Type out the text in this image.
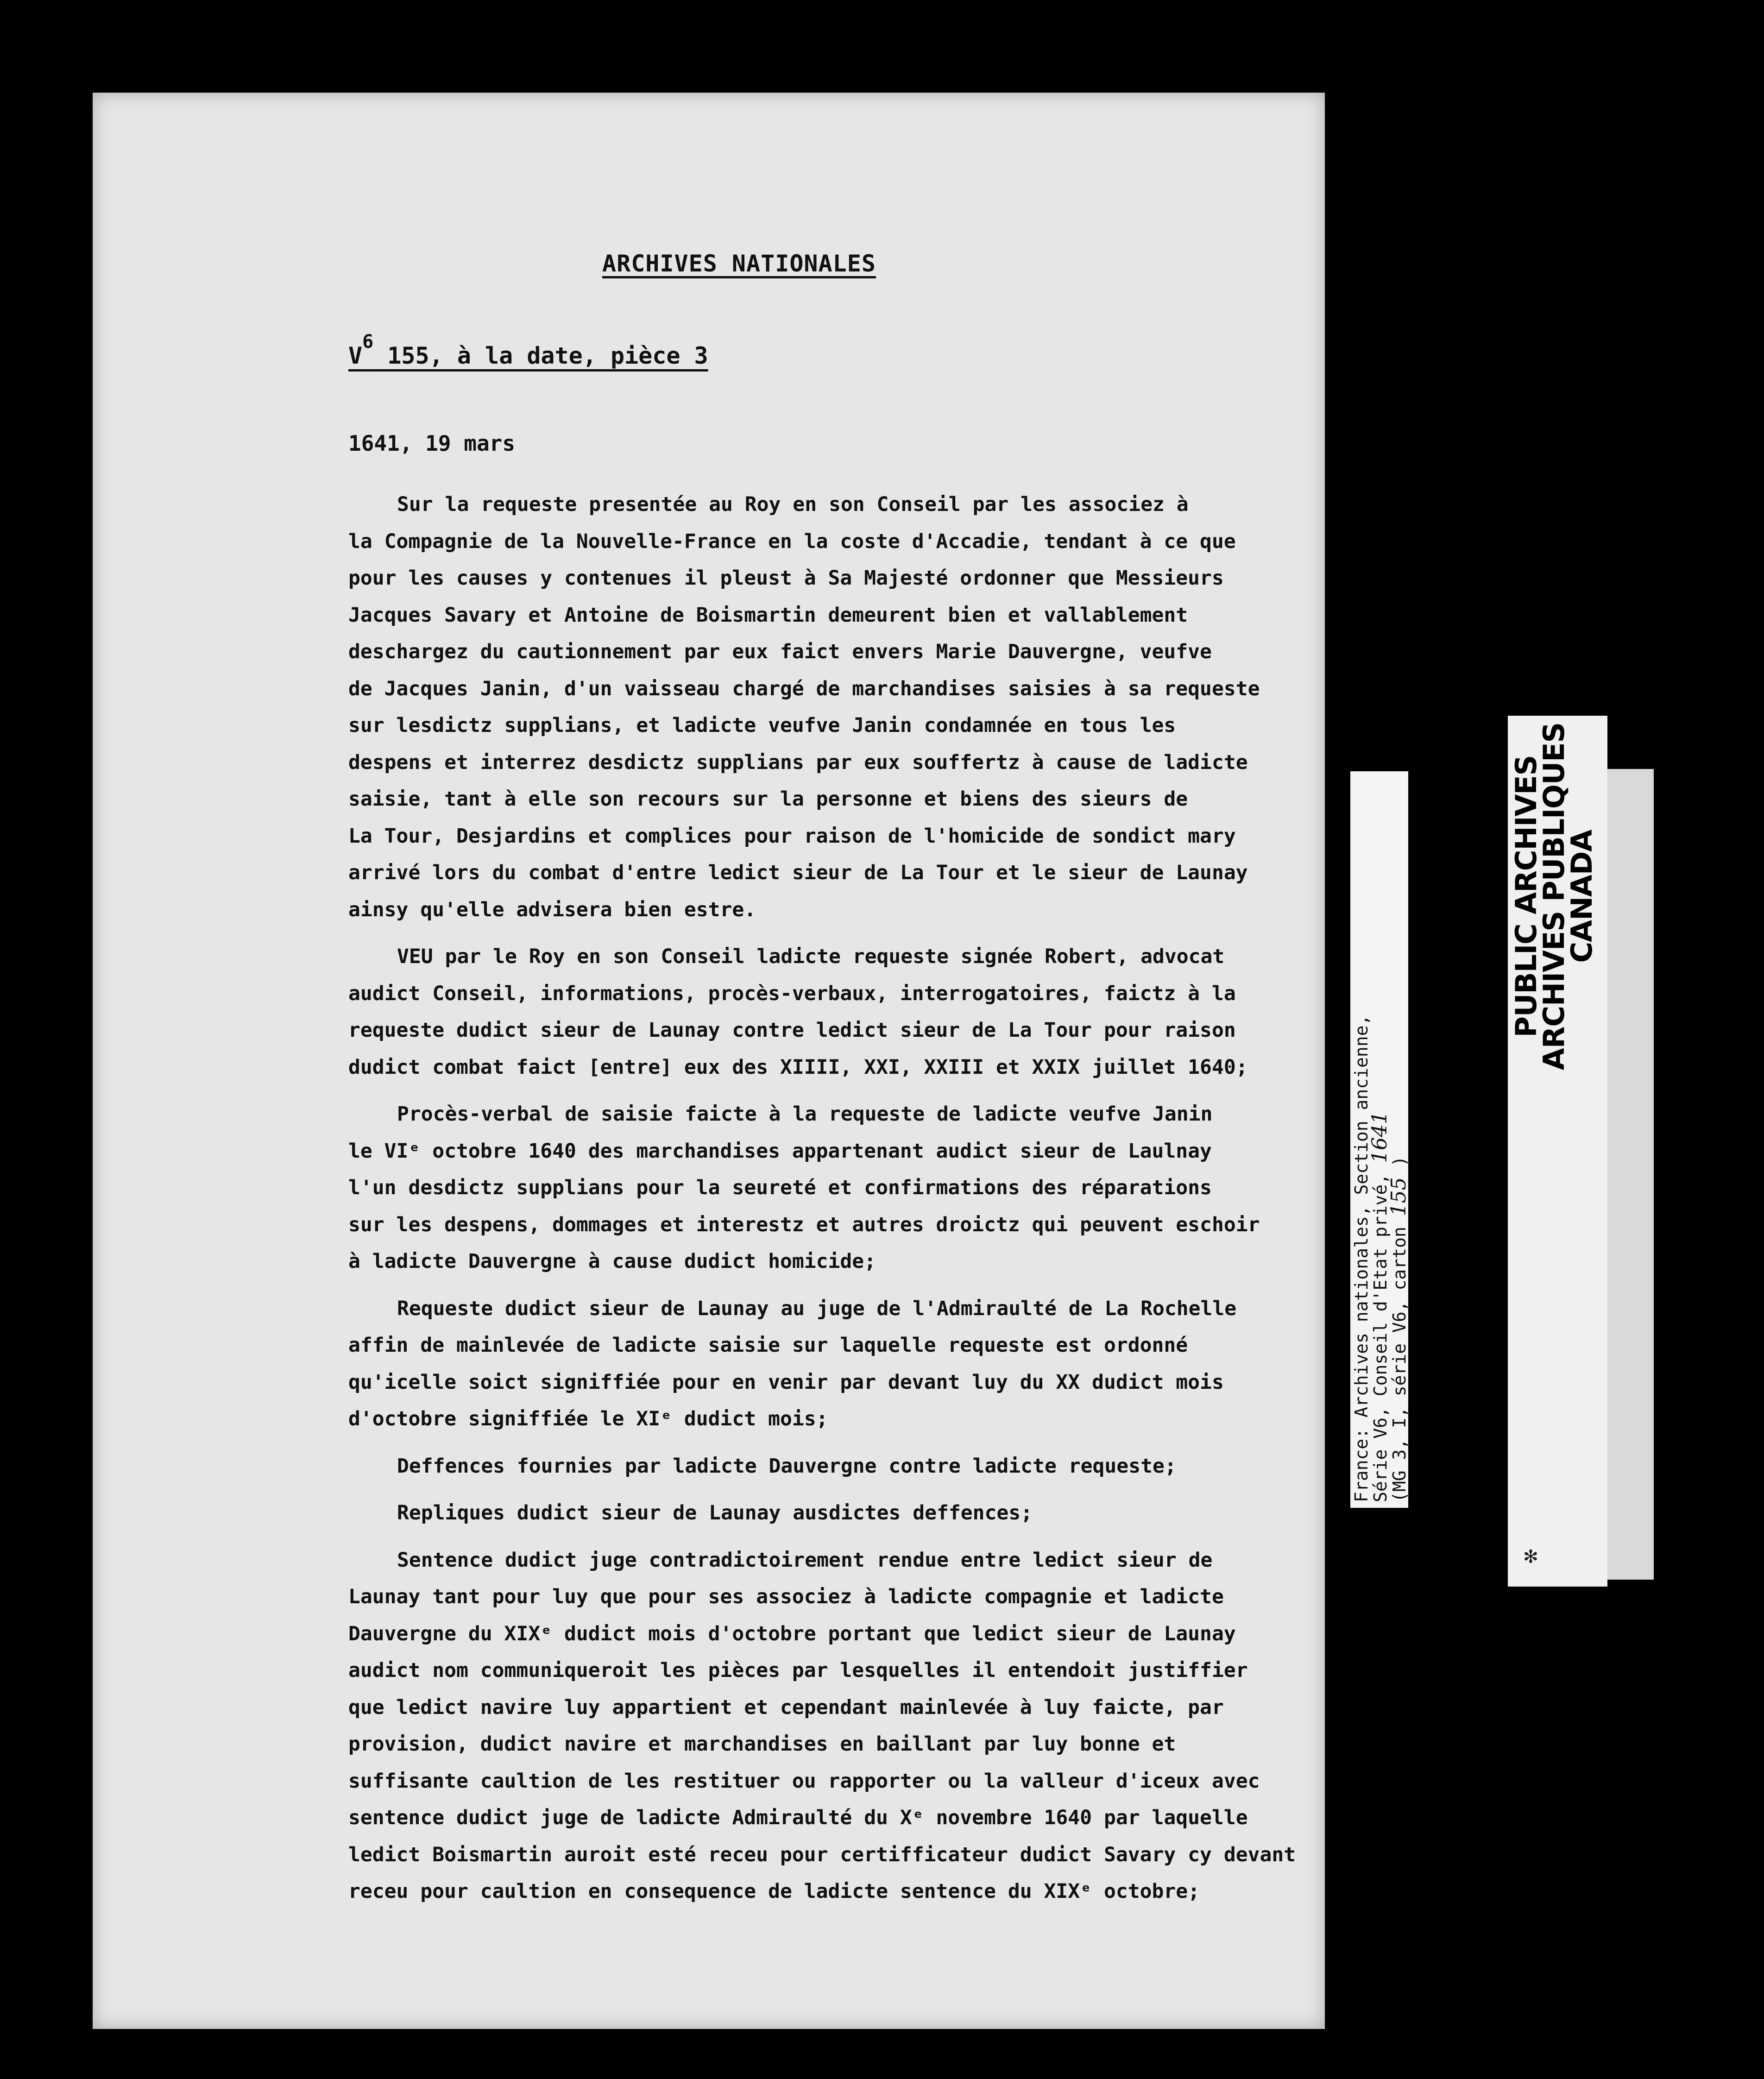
ARCHIVES NATIONALES
$V^6$ 155, à la date, pièce 3
1641, 19 mars
Sur la requeste presentée au Roy en son Conseil par les associez à
la Compagnie de la Nouvelle-France en la coste d'Accadie, tendant à ce que
pour les causes y contenues il pleust à Sa Majesté ordonner que Messieurs
Jacques Savary et Antoine de Boismartin demeurent bien et vallablement
deschargez du cautionnement par eux faict envers Marie Dauvergne, veufve
de Jacques Janin, d'un vaisseau chargé de marchandises saisies à sa requeste
sur lesdictz supplians, et ladicte veufve Janin condamnée en tous les
despens et interrez desdictz supplians par eux souffertz à cause de ladicte
saisie, tant à elle son recours sur la personne et biens des sieurs de
La Tour, Desjardins et complices pour raison de l'homicide de sondict mary
arrivé lors du combat d'entre ledict sieur de La Tour et le sieur de Launay
ainsy qu'elle advisera bien estre.
VEU par le Roy en son Conseil ladicte requeste signée Robert, advocat
audict Conseil, informations, procès-verbaux, interrogatoires, faictz à la
requeste dudict sieur de Launay contre ledict sieur de La Tour pour raison
dudict combat faict [entre] eux des XIIII, XXI, XXIII et XXIX juillet 1640;
Procès-verbal de saisie faicte à la requeste de ladicte veufve Janin
le VIᵉ octobre 1640 des marchandises appartenant audict sieur de Laulnay
l'un desdictz supplians pour la seureté et confirmations des réparations
sur les despens, dommages et interestz et autres droictz qui peuvent eschoir
à ladicte Dauvergne à cause dudict homicide;
Requeste dudict sieur de Launay au juge de l'Admiraulté de La Rochelle
affin de mainlevée de ladicte saisie sur laquelle requeste est ordonné
qu'icelle soict signiffiée pour en venir par devant luy du XX dudict mois
d'octobre signiffiée le XIᵉ dudict mois;
Deffences fournies par ladicte Dauvergne contre ladicte requeste;
Repliques dudict sieur de Launay ausdictes deffences;
Sentence dudict juge contradictoirement rendue entre ledict sieur de
Launay tant pour luy que pour ses associez à ladicte compagnie et ladicte
Dauvergne du XIXᵉ dudict mois d'octobre portant que ledict sieur de Launay
audict nom communiqueroit les pièces par lesquelles il entendoit justiffier
que ledict navire luy appartient et cependant mainlevée à luy faicte, par
provision, dudict navire et marchandises en baillant par luy bonne et
suffisante caultion de les restituer ou rapporter ou la valleur d'iceux avec
sentence dudict juge de ladicte Admiraulté du Xᵉ novembre 1640 par laquelle
ledict Boismartin auroit esté receu pour certifficateur dudict Savary cy devant
receu pour caultion en consequence de ladicte sentence du XIXᵉ octobre;
France: Archives nationales, Section ancienne,
Série V6, Conseil d'Etat privé, 1641
(MG 3, I, série V6, carton 155 )
PUBLIC ARCHIVES
ARCHIVES PUBLIQUES
CANADA
✻
